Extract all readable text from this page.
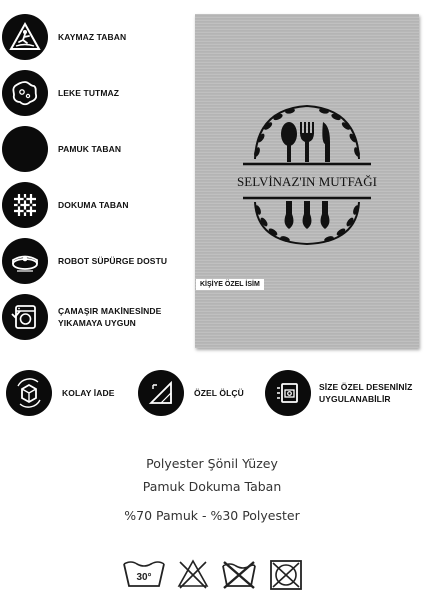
KAYMAZ TABAN
LEKE TUTMAZ
PAMUK TABAN
DOKUMA TABAN
ROBOT SÜPÜRGE DOSTU
ÇAMAŞIR MAKİNESİNDE
YIKAMAYA UYGUN
SELVİNAZ'IN MUTFAĞI
KİŞİYE ÖZEL İSİM
KOLAY İADE	ÖZEL ÖLÇÜ
SİZE ÖZEL DESENİNİZ
UYGULANABİLİR
Polyester Şönil Yüzey
Pamuk Dokuma Taban
%70 Pamuk - %30 Polyester
30°
